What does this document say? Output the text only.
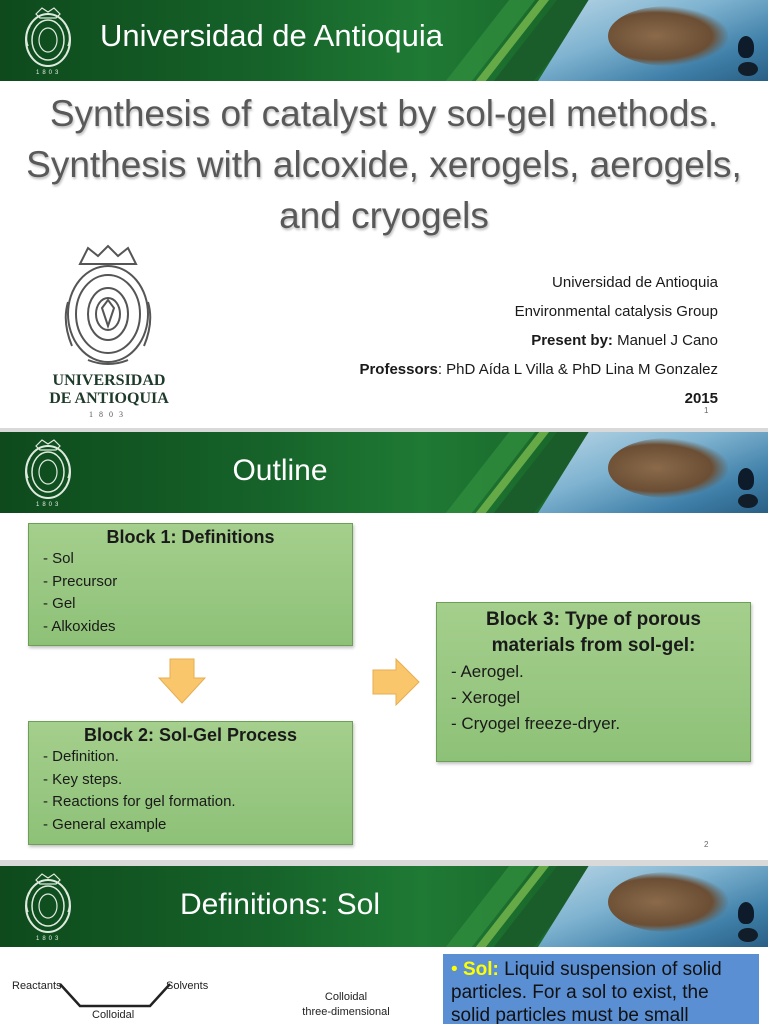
1803
Universidad de Antioquia
Synthesis of catalyst by sol-gel methods. Synthesis with alcoxide, xerogels, aerogels, and cryogels
UNIVERSIDAD
DE ANTIOQUIA
1803
Universidad de Antioquia
Environmental catalysis Group
Present by: Manuel J Cano
Professors: PhD Aída L Villa & PhD Lina M Gonzalez
2015
1
1803
Outline
Block 1: Definitions
- Sol
- Precursor
- Gel
- Alkoxides
Block 2: Sol-Gel Process
- Definition.
- Key steps.
- Reactions for gel formation.
- General example
Block 3: Type of porous materials from sol-gel:
- Aerogel.
- Xerogel
- Cryogel freeze-dryer.
2
1803
Definitions: Sol
Reactants	Solvents
Colloidal
Colloidal
three-dimensional
• Sol: Liquid suspension of solid particles. For a sol to exist, the solid particles must be small
